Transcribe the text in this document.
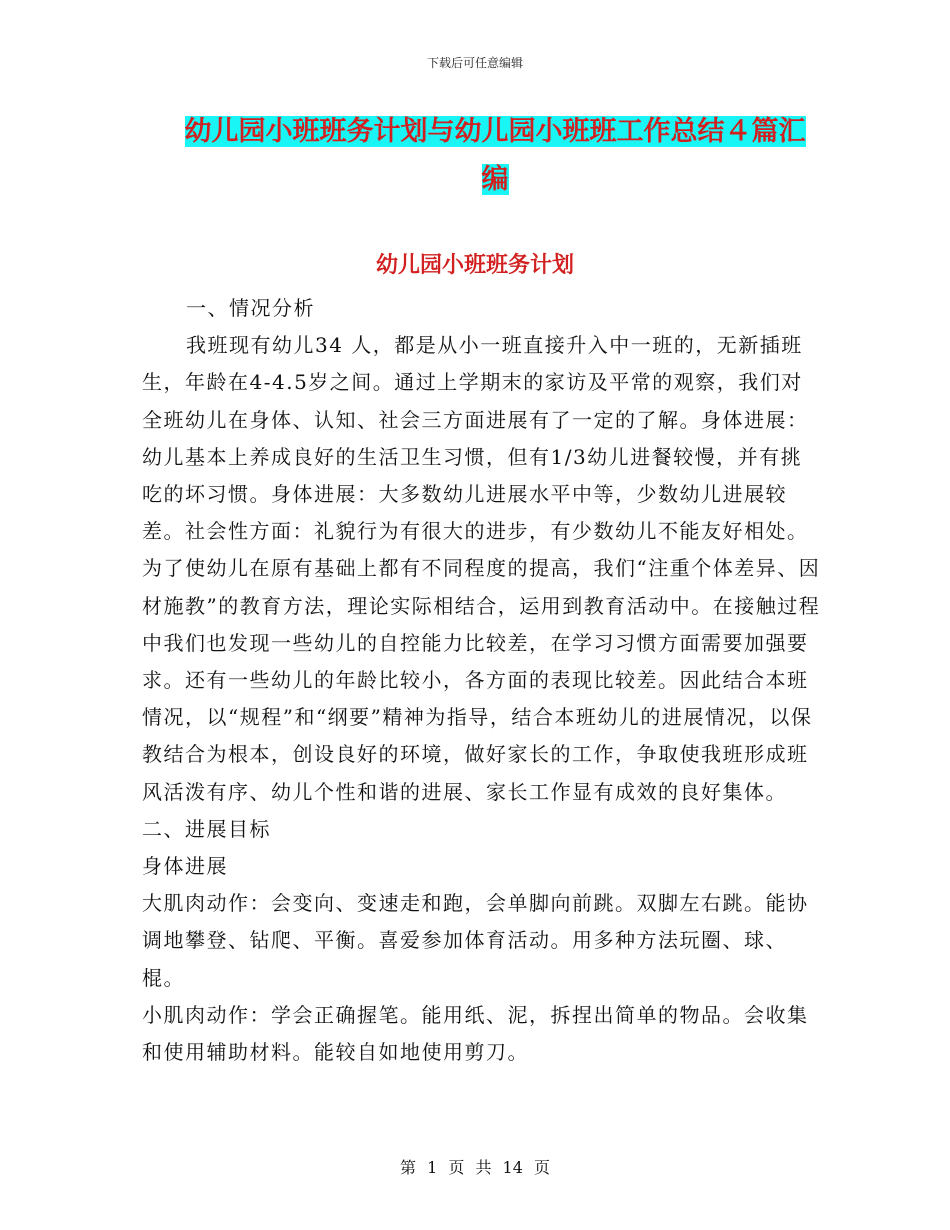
下载后可任意编辑
幼儿园小班班务计划与幼儿园小班班工作总结４篇汇
编
幼儿园小班班务计划

一、情况分析

我班现有幼儿34 人，都是从小一班直接升入中一班的，无新插班生，年龄在4-4.5岁之间。通过上学期末的家访及平常的观察，我们对全班幼儿在身体、认知、社会三方面进展有了一定的了解。身体进展：幼儿基本上养成良好的生活卫生习惯，但有1/3幼儿进餐较慢，并有挑吃的坏习惯。身体进展：大多数幼儿进展水平中等，少数幼儿进展较差。社会性方面：礼貌行为有很大的进步，有少数幼儿不能友好相处。为了使幼儿在原有基础上都有不同程度的提高，我们“注重个体差异、因材施教”的教育方法，理论实际相结合，运用到教育活动中。在接触过程中我们也发现一些幼儿的自控能力比较差，在学习习惯方面需要加强要求。还有一些幼儿的年龄比较小，各方面的表现比较差。因此结合本班情况，以“规程”和“纲要”精神为指导，结合本班幼儿的进展情况，以保教结合为根本，创设良好的环境，做好家长的工作，争取使我班形成班风活泼有序、幼儿个性和谐的进展、家长工作显有成效的良好集体。

二、进展目标

身体进展

大肌肉动作：会变向、变速走和跑，会单脚向前跳。双脚左右跳。能协调地攀登、钻爬、平衡。喜爱参加体育活动。用多种方法玩圈、球、棍。

小肌肉动作：学会正确握笔。能用纸、泥，拆捏出简单的物品。会收集和使用辅助材料。能较自如地使用剪刀。

第 1 页 共 14 页
